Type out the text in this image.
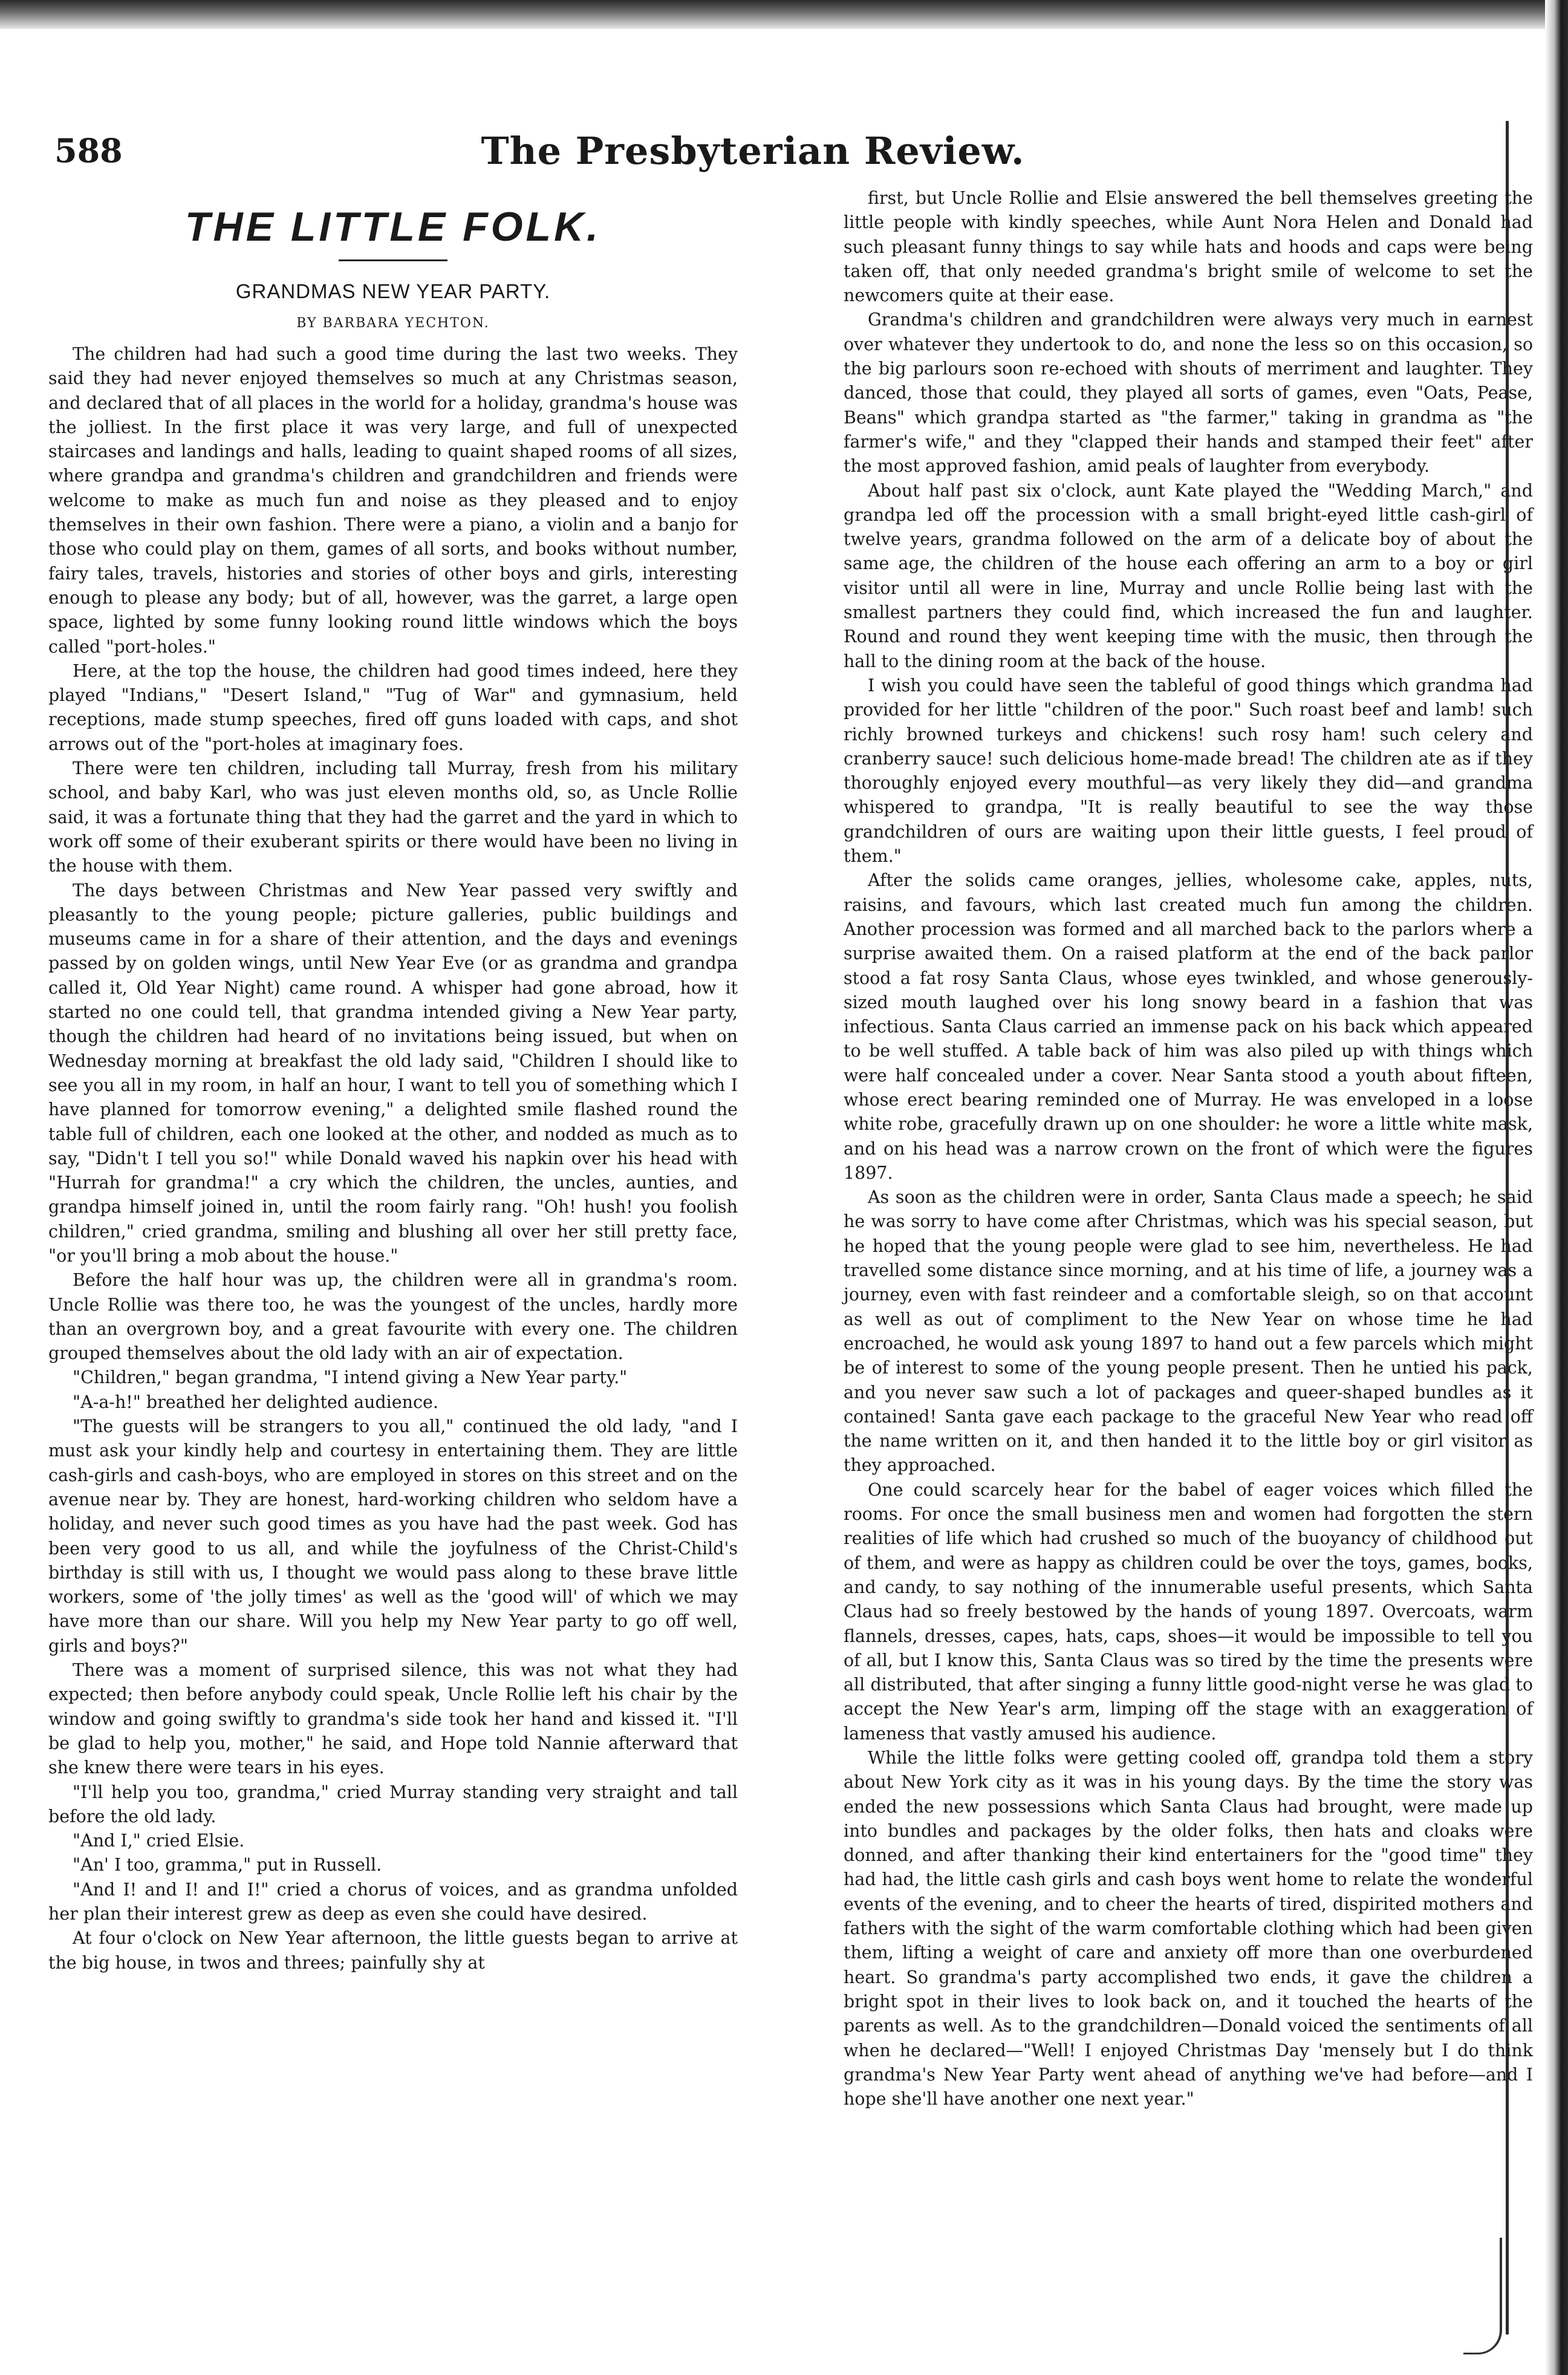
588	The Presbyterian Review.
THE LITTLE FOLK.
GRANDMAS NEW YEAR PARTY.
BY BARBARA YECHTON.

The children had had such a good time during the last two weeks. They said they had never enjoyed themselves so much at any Christmas season, and declared that of all places in the world for a holiday, grandma's house was the jolliest. In the first place it was very large, and full of unexpected staircases and landings and halls, leading to quaint shaped rooms of all sizes, where grandpa and grandma's children and grandchildren and friends were welcome to make as much fun and noise as they pleased and to enjoy themselves in their own fashion. There were a piano, a violin and a banjo for those who could play on them, games of all sorts, and books without number, fairy tales, travels, histories and stories of other boys and girls, interesting enough to please any body; but of all, however, was the garret, a large open space, lighted by some funny looking round little windows which the boys called "port-holes."

Here, at the top the house, the children had good times indeed, here they played "Indians," "Desert Island," "Tug of War" and gymnasium, held receptions, made stump speeches, fired off guns loaded with caps, and shot arrows out of the "port-holes at imaginary foes.

There were ten children, including tall Murray, fresh from his military school, and baby Karl, who was just eleven months old, so, as Uncle Rollie said, it was a fortunate thing that they had the garret and the yard in which to work off some of their exuberant spirits or there would have been no living in the house with them.

The days between Christmas and New Year passed very swiftly and pleasantly to the young people; picture galleries, public buildings and museums came in for a share of their attention, and the days and evenings passed by on golden wings, until New Year Eve (or as grandma and grandpa called it, Old Year Night) came round. A whisper had gone abroad, how it started no one could tell, that grandma intended giving a New Year party, though the children had heard of no invitations being issued, but when on Wednesday morning at breakfast the old lady said, "Children I should like to see you all in my room, in half an hour, I want to tell you of something which I have planned for tomorrow evening," a delighted smile flashed round the table full of children, each one looked at the other, and nodded as much as to say, "Didn't I tell you so!" while Donald waved his napkin over his head with "Hurrah for grandma!" a cry which the children, the uncles, aunties, and grandpa himself joined in, until the room fairly rang. "Oh! hush! you foolish children," cried grandma, smiling and blushing all over her still pretty face, "or you'll bring a mob about the house."

Before the half hour was up, the children were all in grandma's room. Uncle Rollie was there too, he was the youngest of the uncles, hardly more than an overgrown boy, and a great favourite with every one. The children grouped themselves about the old lady with an air of expectation.

"Children," began grandma, "I intend giving a New Year party."

"A-a-h!" breathed her delighted audience.

"The guests will be strangers to you all," continued the old lady, "and I must ask your kindly help and courtesy in entertaining them. They are little cash-girls and cash-boys, who are employed in stores on this street and on the avenue near by. They are honest, hard-working children who seldom have a holiday, and never such good times as you have had the past week. God has been very good to us all, and while the joyfulness of the Christ-Child's birthday is still with us, I thought we would pass along to these brave little workers, some of 'the jolly times' as well as the 'good will' of which we may have more than our share. Will you help my New Year party to go off well, girls and boys?"

There was a moment of surprised silence, this was not what they had expected; then before anybody could speak, Uncle Rollie left his chair by the window and going swiftly to grandma's side took her hand and kissed it. "I'll be glad to help you, mother," he said, and Hope told Nannie afterward that she knew there were tears in his eyes.

"I'll help you too, grandma," cried Murray standing very straight and tall before the old lady.

"And I," cried Elsie.

"An' I too, gramma," put in Russell.

"And I! and I! and I!" cried a chorus of voices, and as grandma unfolded her plan their interest grew as deep as even she could have desired.

At four o'clock on New Year afternoon, the little guests began to arrive at the big house, in twos and threes; painfully shy at

first, but Uncle Rollie and Elsie answered the bell themselves greeting the little people with kindly speeches, while Aunt Nora Helen and Donald had such pleasant funny things to say while hats and hoods and caps were being taken off, that only needed grandma's bright smile of welcome to set the newcomers quite at their ease.

Grandma's children and grandchildren were always very much in earnest over whatever they undertook to do, and none the less so on this occasion, so the big parlours soon re-echoed with shouts of merriment and laughter. They danced, those that could, they played all sorts of games, even "Oats, Pease, Beans" which grandpa started as "the farmer," taking in grandma as "the farmer's wife," and they "clapped their hands and stamped their feet" after the most approved fashion, amid peals of laughter from everybody.

About half past six o'clock, aunt Kate played the "Wedding March," and grandpa led off the procession with a small bright-eyed little cash-girl of twelve years, grandma followed on the arm of a delicate boy of about the same age, the children of the house each offering an arm to a boy or girl visitor until all were in line, Murray and uncle Rollie being last with the smallest partners they could find, which increased the fun and laughter. Round and round they went keeping time with the music, then through the hall to the dining room at the back of the house.

I wish you could have seen the tableful of good things which grandma had provided for her little "children of the poor." Such roast beef and lamb! such richly browned turkeys and chickens! such rosy ham! such celery and cranberry sauce! such delicious home-made bread! The children ate as if they thoroughly enjoyed every mouthful—as very likely they did—and grandma whispered to grandpa, "It is really beautiful to see the way those grandchildren of ours are waiting upon their little guests, I feel proud of them."

After the solids came oranges, jellies, wholesome cake, apples, nuts, raisins, and favours, which last created much fun among the children. Another procession was formed and all marched back to the parlors where a surprise awaited them. On a raised platform at the end of the back parlor stood a fat rosy Santa Claus, whose eyes twinkled, and whose generously-sized mouth laughed over his long snowy beard in a fashion that was infectious. Santa Claus carried an immense pack on his back which appeared to be well stuffed. A table back of him was also piled up with things which were half concealed under a cover. Near Santa stood a youth about fifteen, whose erect bearing reminded one of Murray. He was enveloped in a loose white robe, gracefully drawn up on one shoulder: he wore a little white mask, and on his head was a narrow crown on the front of which were the figures 1897.

As soon as the children were in order, Santa Claus made a speech; he said he was sorry to have come after Christmas, which was his special season, but he hoped that the young people were glad to see him, nevertheless. He had travelled some distance since morning, and at his time of life, a journey was a journey, even with fast reindeer and a comfortable sleigh, so on that account as well as out of compliment to the New Year on whose time he had encroached, he would ask young 1897 to hand out a few parcels which might be of interest to some of the young people present. Then he untied his pack, and you never saw such a lot of packages and queer-shaped bundles as it contained! Santa gave each package to the graceful New Year who read off the name written on it, and then handed it to the little boy or girl visitor as they approached.

One could scarcely hear for the babel of eager voices which filled the rooms. For once the small business men and women had forgotten the stern realities of life which had crushed so much of the buoyancy of childhood out of them, and were as happy as children could be over the toys, games, books, and candy, to say nothing of the innumerable useful presents, which Santa Claus had so freely bestowed by the hands of young 1897. Overcoats, warm flannels, dresses, capes, hats, caps, shoes—it would be impossible to tell you of all, but I know this, Santa Claus was so tired by the time the presents were all distributed, that after singing a funny little good-night verse he was glad to accept the New Year's arm, limping off the stage with an exaggeration of lameness that vastly amused his audience.

While the little folks were getting cooled off, grandpa told them a story about New York city as it was in his young days. By the time the story was ended the new possessions which Santa Claus had brought, were made up into bundles and packages by the older folks, then hats and cloaks were donned, and after thanking their kind entertainers for the "good time" they had had, the little cash girls and cash boys went home to relate the wonderful events of the evening, and to cheer the hearts of tired, dispirited mothers and fathers with the sight of the warm comfortable clothing which had been given them, lifting a weight of care and anxiety off more than one overburdened heart. So grandma's party accomplished two ends, it gave the children a bright spot in their lives to look back on, and it touched the hearts of the parents as well. As to the grandchildren—Donald voiced the sentiments of all when he declared—"Well! I enjoyed Christmas Day 'mensely but I do think grandma's New Year Party went ahead of anything we've had before—and I hope she'll have another one next year."
